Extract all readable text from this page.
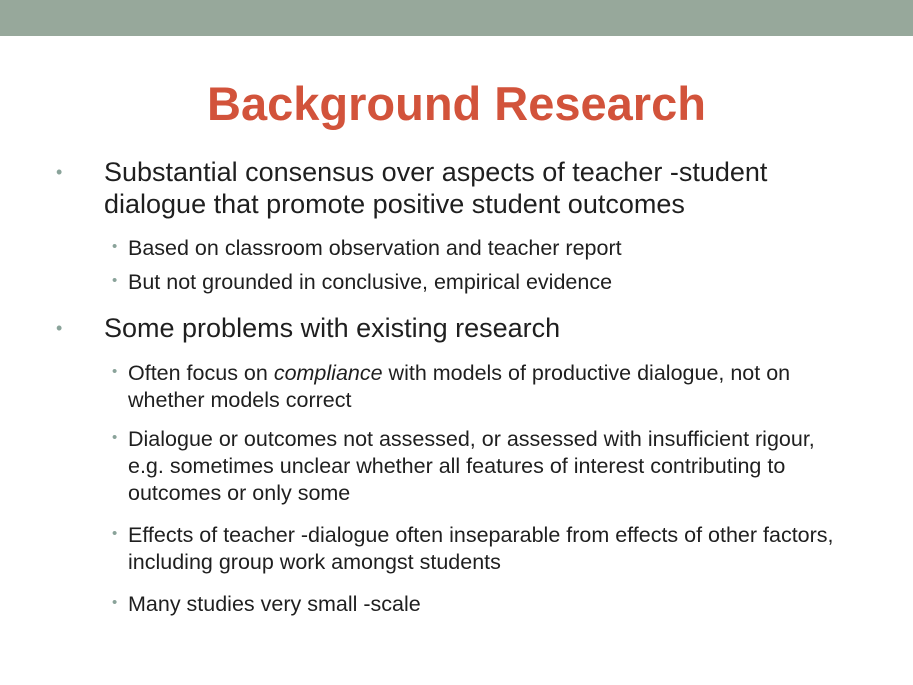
Background Research
• Substantial consensus over aspects of teacher -student dialogue that promote positive student outcomes
• Based on classroom observation and teacher report
• But not grounded in conclusive, empirical evidence
• Some problems with existing research
• Often focus on compliance with models of productive dialogue, not on whether models correct
• Dialogue or outcomes not assessed, or assessed with insufficient rigour, e.g. sometimes unclear whether all features of interest contributing to outcomes or only some
• Effects of teacher -dialogue often inseparable from effects of other factors, including group work amongst students
• Many studies very small -scale
